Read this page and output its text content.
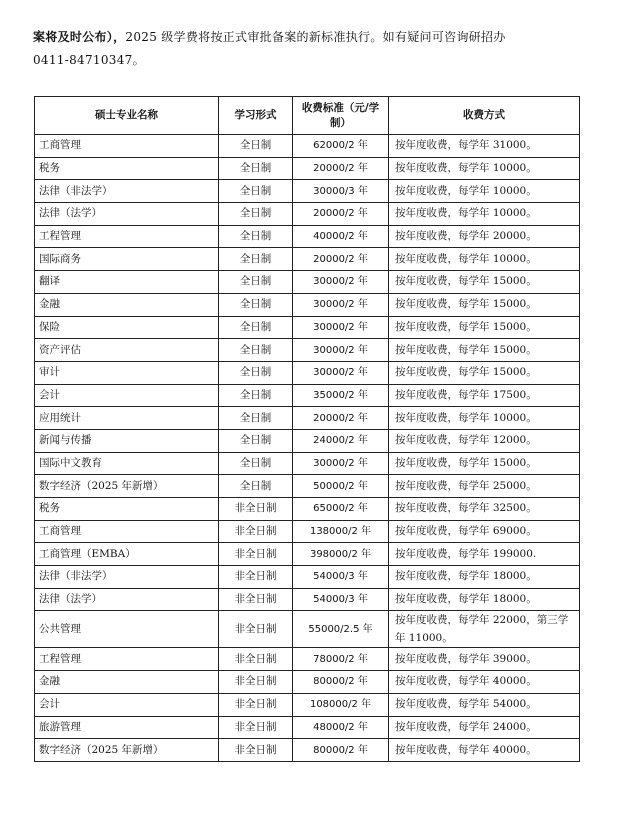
案将及时公布），2025 级学费将按正式审批备案的新标准执行。如有疑问可咨询研招办
0411-84710347。
硕士专业名称	学习形式	收费标准（元/学制）	收费方式
工商管理	全日制	62000/2 年	按年度收费，每学年 31000。
税务	全日制	20000/2 年	按年度收费，每学年 10000。
法律（非法学）	全日制	30000/3 年	按年度收费，每学年 10000。
法律（法学）	全日制	20000/2 年	按年度收费，每学年 10000。
工程管理	全日制	40000/2 年	按年度收费，每学年 20000。
国际商务	全日制	20000/2 年	按年度收费，每学年 10000。
翻译	全日制	30000/2 年	按年度收费，每学年 15000。
金融	全日制	30000/2 年	按年度收费，每学年 15000。
保险	全日制	30000/2 年	按年度收费，每学年 15000。
资产评估	全日制	30000/2 年	按年度收费，每学年 15000。
审计	全日制	30000/2 年	按年度收费，每学年 15000。
会计	全日制	35000/2 年	按年度收费，每学年 17500。
应用统计	全日制	20000/2 年	按年度收费，每学年 10000。
新闻与传播	全日制	24000/2 年	按年度收费，每学年 12000。
国际中文教育	全日制	30000/2 年	按年度收费，每学年 15000。
数字经济（2025 年新增）	全日制	50000/2 年	按年度收费，每学年 25000。
税务	非全日制	65000/2 年	按年度收费，每学年 32500。
工商管理	非全日制	138000/2 年	按年度收费，每学年 69000。
工商管理（EMBA）	非全日制	398000/2 年	按年度收费，每学年 199000.
法律（非法学）	非全日制	54000/3 年	按年度收费，每学年 18000。
法律（法学）	非全日制	54000/3 年	按年度收费，每学年 18000。
公共管理	非全日制	55000/2.5 年	按年度收费，每学年 22000，第三学年 11000。
工程管理	非全日制	78000/2 年	按年度收费，每学年 39000。
金融	非全日制	80000/2 年	按年度收费，每学年 40000。
会计	非全日制	108000/2 年	按年度收费，每学年 54000。
旅游管理	非全日制	48000/2 年	按年度收费，每学年 24000。
数字经济（2025 年新增）	非全日制	80000/2 年	按年度收费，每学年 40000。
